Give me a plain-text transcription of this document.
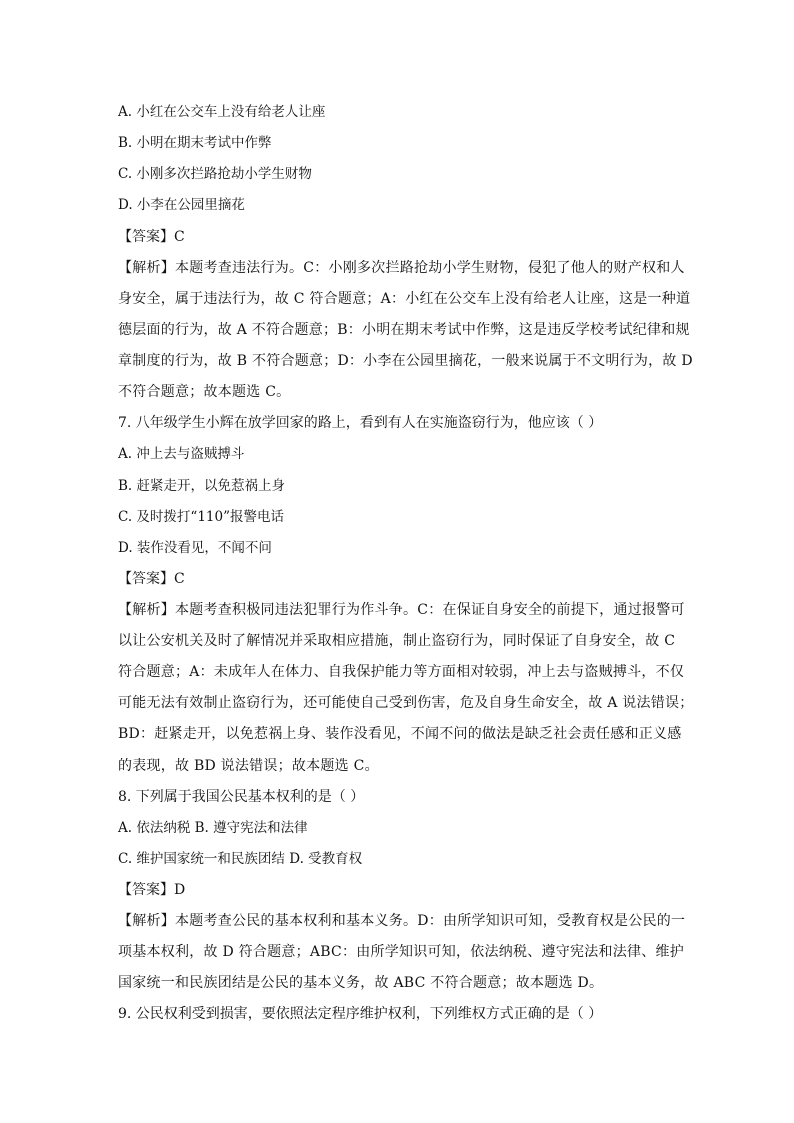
A. 小红在公交车上没有给老人让座
B. 小明在期末考试中作弊
C. 小刚多次拦路抢劫小学生财物
D. 小李在公园里摘花
【答案】C
【解析】本题考查违法行为。C：小刚多次拦路抢劫小学生财物，侵犯了他人的财产权和人
身安全，属于违法行为，故 C 符合题意；A：小红在公交车上没有给老人让座，这是一种道
德层面的行为，故 A 不符合题意；B：小明在期末考试中作弊，这是违反学校考试纪律和规
章制度的行为，故 B 不符合题意；D：小李在公园里摘花，一般来说属于不文明行为，故 D
不符合题意；故本题选 C。
7. 八年级学生小辉在放学回家的路上，看到有人在实施盗窃行为，他应该（ ）
A. 冲上去与盗贼搏斗
B. 赶紧走开，以免惹祸上身
C. 及时拨打“110”报警电话
D. 装作没看见，不闻不问
【答案】C
【解析】本题考查积极同违法犯罪行为作斗争。C：在保证自身安全的前提下，通过报警可
以让公安机关及时了解情况并采取相应措施，制止盗窃行为，同时保证了自身安全，故 C
符合题意；A：未成年人在体力、自我保护能力等方面相对较弱，冲上去与盗贼搏斗，不仅
可能无法有效制止盗窃行为，还可能使自己受到伤害，危及自身生命安全，故 A 说法错误；
BD：赶紧走开，以免惹祸上身、装作没看见，不闻不问的做法是缺乏社会责任感和正义感
的表现，故 BD 说法错误；故本题选 C。
8. 下列属于我国公民基本权利的是（ ）
A. 依法纳税 B. 遵守宪法和法律
C. 维护国家统一和民族团结 D. 受教育权
【答案】D
【解析】本题考查公民的基本权利和基本义务。D：由所学知识可知，受教育权是公民的一
项基本权利，故 D 符合题意；ABC：由所学知识可知，依法纳税、遵守宪法和法律、维护
国家统一和民族团结是公民的基本义务，故 ABC 不符合题意；故本题选 D。
9. 公民权利受到损害，要依照法定程序维护权利，下列维权方式正确的是（ ）
